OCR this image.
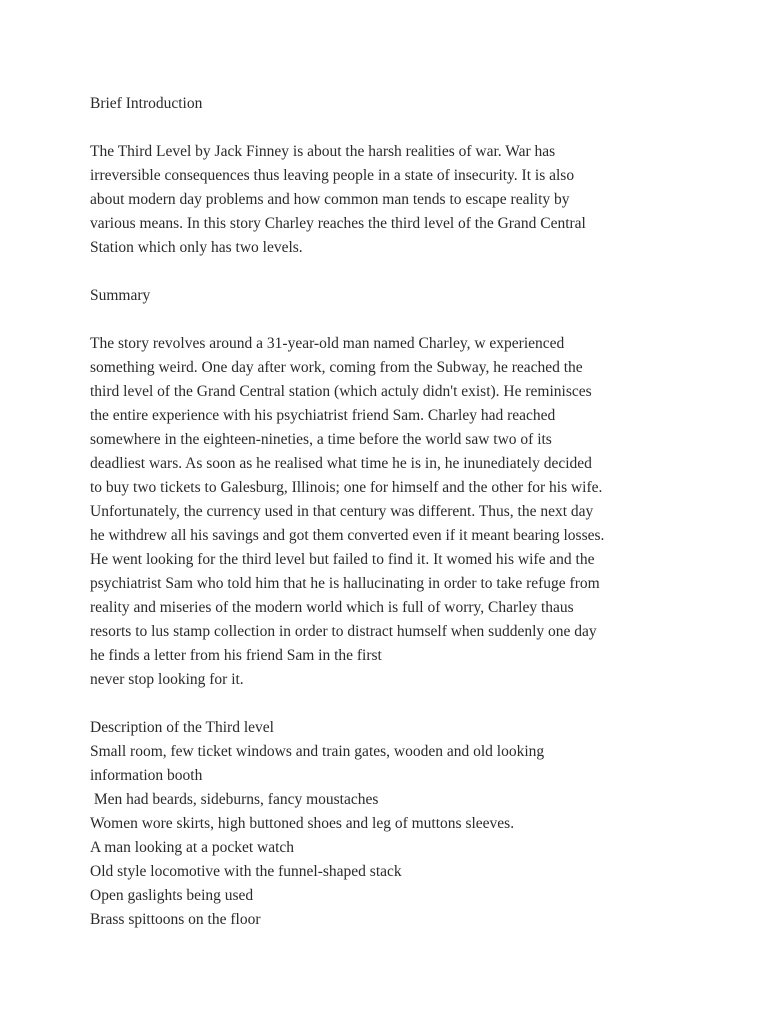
Brief Introduction
The Third Level by Jack Finney is about the harsh realities of war. War has
irreversible consequences thus leaving people in a state of insecurity. It is also
about modern day problems and how common man tends to escape reality by
various means. In this story Charley reaches the third level of the Grand Central
Station which only has two levels.
Summary
The story revolves around a 31-year-old man named Charley, w experienced
something weird. One day after work, coming from the Subway, he reached the
third level of the Grand Central station (which actuly didn't exist). He reminisces
the entire experience with his psychiatrist friend Sam. Charley had reached
somewhere in the eighteen-nineties, a time before the world saw two of its
deadliest wars. As soon as he realised what time he is in, he inunediately decided
to buy two tickets to Galesburg, Illinois; one for himself and the other for his wife.
Unfortunately, the currency used in that century was different. Thus, the next day
he withdrew all his savings and got them converted even if it meant bearing losses.
He went looking for the third level but failed to find it. It womed his wife and the
psychiatrist Sam who told him that he is hallucinating in order to take refuge from
reality and miseries of the modern world which is full of worry, Charley thaus
resorts to lus stamp collection in order to distract humself when suddenly one day
he finds a letter from his friend Sam in the first
never stop looking for it.
Description of the Third level
Small room, few ticket windows and train gates, wooden and old looking
information booth
Men had beards, sideburns, fancy moustaches
Women wore skirts, high buttoned shoes and leg of muttons sleeves.
A man looking at a pocket watch
Old style locomotive with the funnel-shaped stack
Open gaslights being used
Brass spittoons on the floor
